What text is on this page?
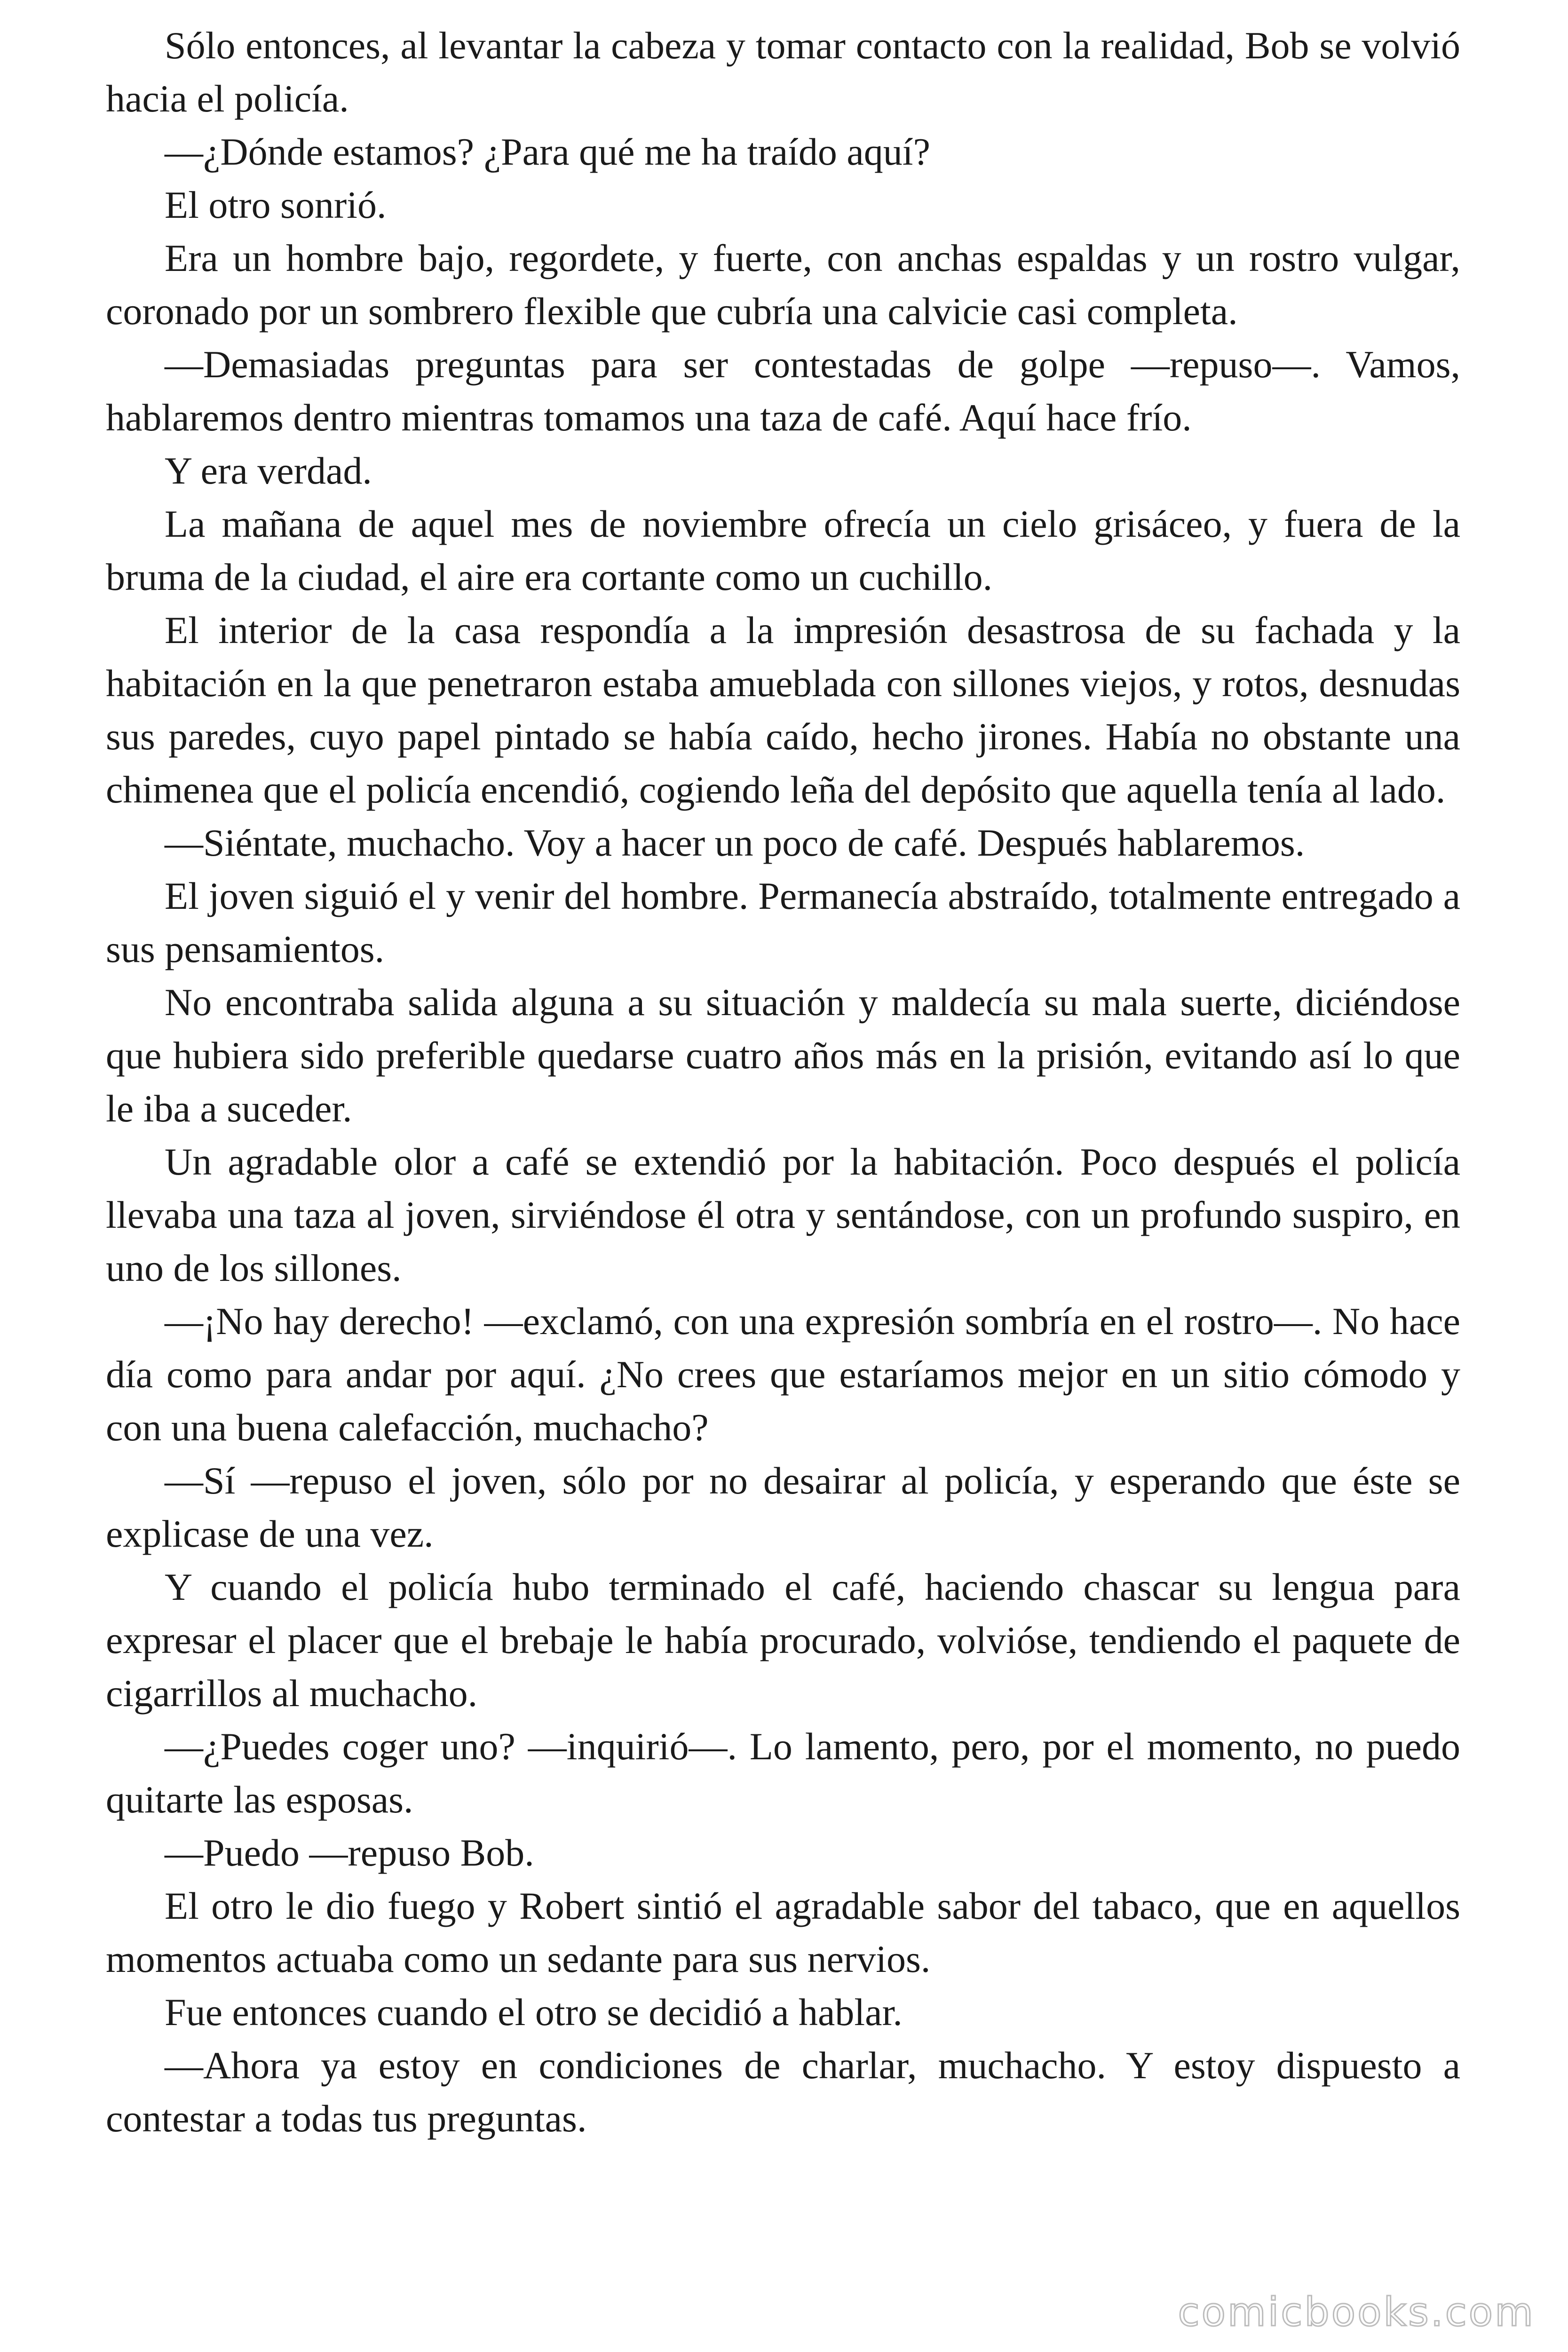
Sólo entonces, al levantar la cabeza y tomar contacto con la realidad, Bob se volvió hacia el policía.

—¿Dónde estamos? ¿Para qué me ha traído aquí?

El otro sonrió.

Era un hombre bajo, regordete, y fuerte, con anchas espaldas y un rostro vulgar, coronado por un sombrero flexible que cubría una calvicie casi completa.

—Demasiadas preguntas para ser contestadas de golpe —repuso—. Vamos, hablaremos dentro mientras tomamos una taza de café. Aquí hace frío.

Y era verdad.

La mañana de aquel mes de noviembre ofrecía un cielo grisáceo, y fuera de la bruma de la ciudad, el aire era cortante como un cuchillo.

El interior de la casa respondía a la impresión desastrosa de su fachada y la habitación en la que penetraron estaba amueblada con sillones viejos, y rotos, desnudas sus paredes, cuyo papel pintado se había caído, hecho jirones. Había no obstante una chimenea que el policía encendió, cogiendo leña del depósito que aquella tenía al lado.

—Siéntate, muchacho. Voy a hacer un poco de café. Después hablaremos.

El joven siguió el y venir del hombre. Permanecía abstraído, totalmente entregado a sus pensamientos.

No encontraba salida alguna a su situación y maldecía su mala suerte, diciéndose que hubiera sido preferible quedarse cuatro años más en la prisión, evitando así lo que le iba a suceder.

Un agradable olor a café se extendió por la habitación. Poco después el policía llevaba una taza al joven, sirviéndose él otra y sentándose, con un profundo suspiro, en uno de los sillones.

—¡No hay derecho! —exclamó, con una expresión sombría en el rostro—. No hace día como para andar por aquí. ¿No crees que estaríamos mejor en un sitio cómodo y con una buena calefacción, muchacho?

—Sí —repuso el joven, sólo por no desairar al policía, y esperando que éste se explicase de una vez.

Y cuando el policía hubo terminado el café, haciendo chascar su lengua para expresar el placer que el brebaje le había procurado, volvióse, tendiendo el paquete de cigarrillos al muchacho.

—¿Puedes coger uno? —inquirió—. Lo lamento, pero, por el momento, no puedo quitarte las esposas.

—Puedo —repuso Bob.

El otro le dio fuego y Robert sintió el agradable sabor del tabaco, que en aquellos momentos actuaba como un sedante para sus nervios.

Fue entonces cuando el otro se decidió a hablar.

—Ahora ya estoy en condiciones de charlar, muchacho. Y estoy dispuesto a contestar a todas tus preguntas.

comicbooks.com
